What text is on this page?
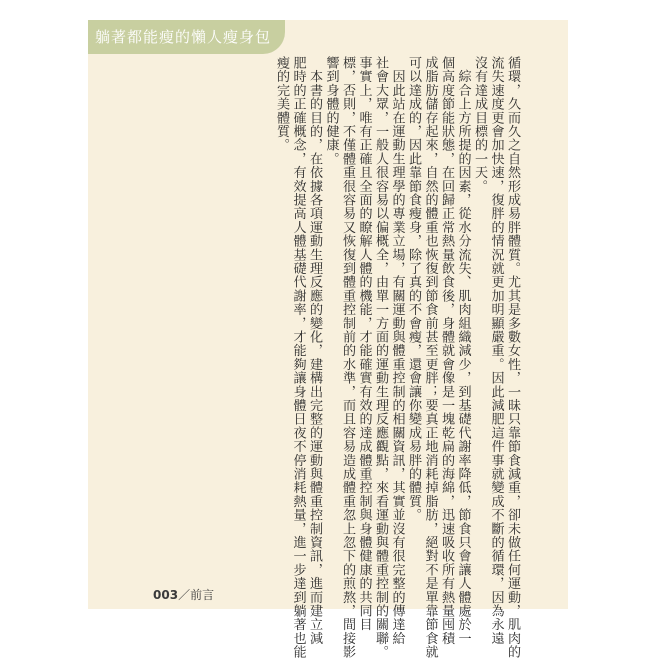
躺著都能瘦的懶人瘦身包
循環，久而久之自然形成易胖體質。尤其是多數女性，一昧只靠節食減重，卻未做任何運動，肌肉的
流失速度更會加快速，復胖的情況就更加明顯嚴重。因此減肥這件事就變成不斷的循環，因為永遠
沒有達成目標的一天。
　綜合上方所提的因素，從水分流失、肌肉組織減少，到基礎代謝率降低，節食只會讓人體處於一
個高度節能狀態，在回歸正常熱量飲食後，身體就會像是一塊乾扁的海綿，迅速吸收所有熱量囤積
成脂肪儲存起來，自然的體重也恢復到節食前甚至更胖；要真正地消耗掉脂肪，絕對不是單靠節食就
可以達成的，因此靠節食瘦身，除了真的不會瘦，還會讓你變成易胖的體質。
　因此站在運動生理學的專業立場，有關運動與體重控制的相關資訊，其實並沒有很完整的傳達給
社會大眾，一般人很容易以偏概全，由單一方面的運動生理反應觀點，來看運動與體重控制的關聯。
事實上，唯有正確且全面的瞭解人體的機能，才能確實有效的達成體重控制與身體健康的共同目
標，否則，不僅體重很容易又恢復到體重控制前的水準，而且容易造成體重忽上忽下的煎熬，間接影
響到身體的健康。
　本書的目的，在依據各項運動生理反應的變化，建構出完整的運動與體重控制資訊，進而建立減
肥時的正確概念，有效提高人體基礎代謝率，才能夠讓身體日夜不停消耗熱量，進一步達到躺著也能
瘦的完美體質。
003／前言
